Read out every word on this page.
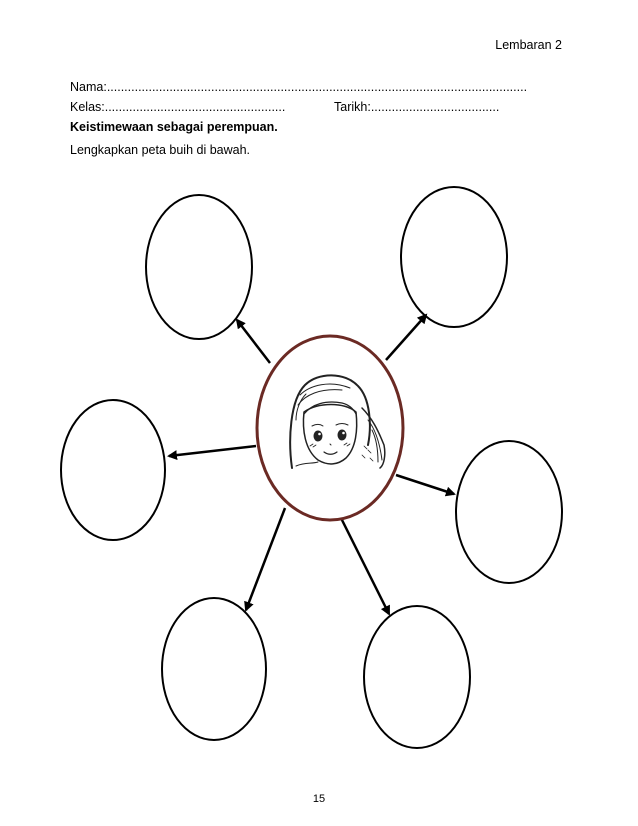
Lembaran 2
Nama:.........................................................................................................................
Kelas:....................................................	Tarikh:.....................................
Keistimewaan sebagai perempuan.
Lengkapkan peta buih di bawah.
15
